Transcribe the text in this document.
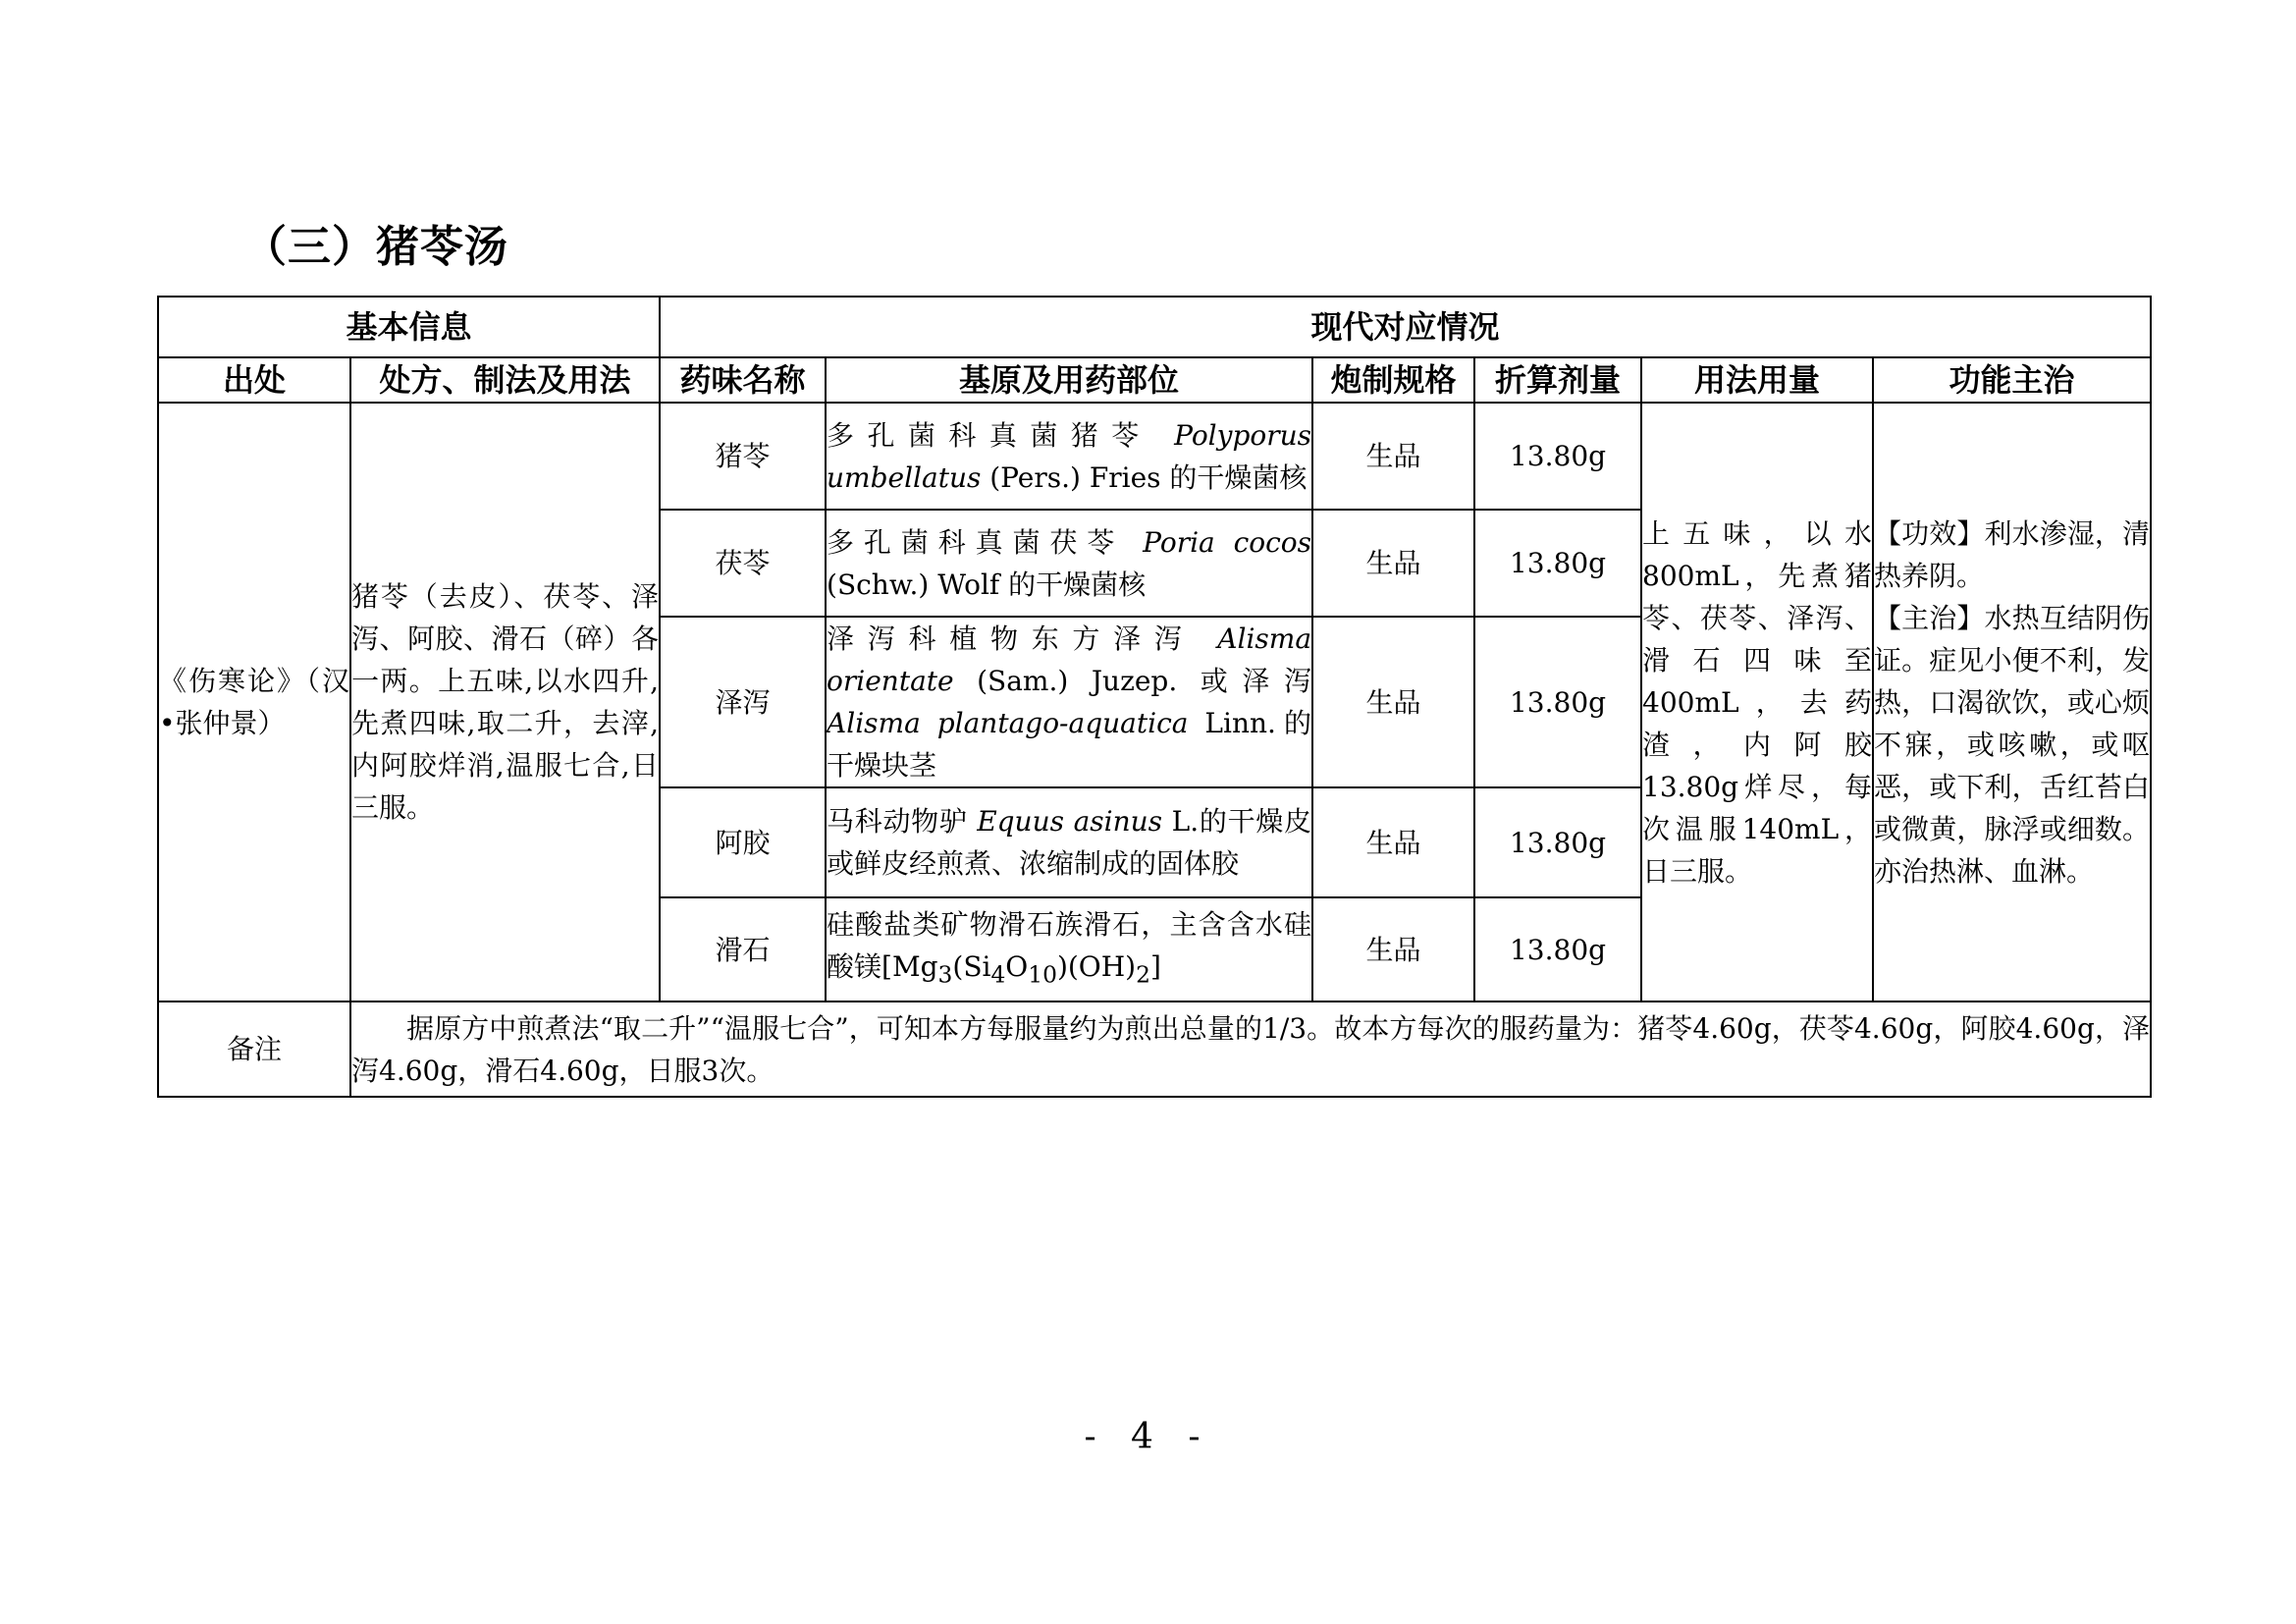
（三）猪苓汤
基本信息		现代对应情况					
出处	处方、制法及用法	药味名称	基原及用药部位	炮制规格	折算剂量	用法用量	功能主治
《伤寒论》（汉•张仲景）	猪苓（去皮）、茯苓、泽泻、阿胶、滑石（碎）各一两。上五味,以水四升,先煮四味,取二升，去滓,内阿胶烊消,温服七合,日三服。	猪苓	多孔菌科真菌猪苓 Polyporus umbellatus (Pers.) Fries 的干燥菌核	生品	13.80g	上五味，以水800mL，先煮猪苓、茯苓、泽泻、滑石四味至400mL，去药渣，内阿胶13.80g烊尽，每次温服140mL，日三服。	【功效】利水渗湿，清热养阴。
【主治】水热互结阴伤证。症见小便不利，发热，口渴欲饮，或心烦不寐，或咳嗽，或呕恶，或下利，舌红苔白或微黄，脉浮或细数。亦治热淋、血淋。
		茯苓	多孔菌科真菌茯苓 Poria cocos (Schw.) Wolf 的干燥菌核	生品	13.80g		
		泽泻	泽泻科植物东方泽泻 Alisma orientate (Sam.) Juzep. 或泽泻 Alisma plantago-aquatica Linn.的干燥块茎	生品	13.80g		
		阿胶	马科动物驴 Equus asinus L.的干燥皮或鲜皮经煎煮、浓缩制成的固体胶	生品	13.80g		
		滑石	硅酸盐类矿物滑石族滑石，主含含水硅酸镁$[Mg_3(Si_4O_{10})(OH)_2]$	生品	13.80g		
备注	据原方中煎煮法“取二升”“温服七合”，可知本方每服量约为煎出总量的1/3。故本方每次的服药量为：猪苓4.60g，茯苓4.60g，阿胶4.60g，泽泻4.60g，滑石4.60g，日服3次。						
- 4 -
